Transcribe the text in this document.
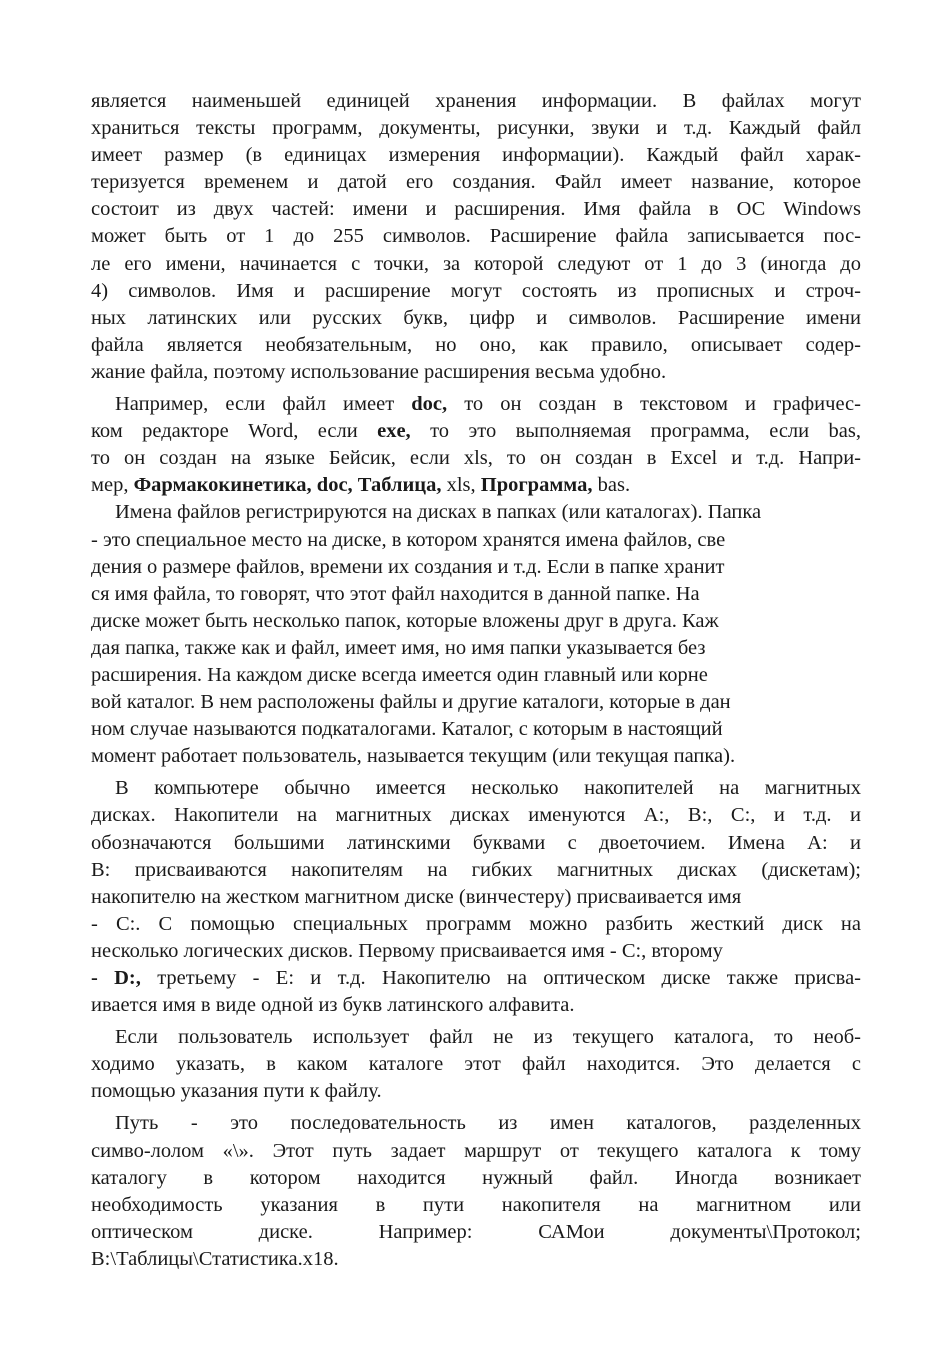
является наименьшей единицей хранения информации. В файлах могут
храниться тексты программ, документы, рисунки, звуки и т.д. Каждый файл
имеет размер (в единицах измерения информации). Каждый файл харак-
теризуется временем и датой его создания. Файл имеет название, которое
состоит из двух частей: имени и расширения. Имя файла в ОС Windows
может быть от 1 до 255 символов. Расширение файла записывается пос-
ле его имени, начинается с точки, за которой следуют от 1 до 3 (иногда до
4) символов. Имя и расширение могут состоять из прописных и строч-
ных латинских или русских букв, цифр и символов. Расширение имени
файла является необязательным, но оно, как правило, описывает содер-
жание файла, поэтому использование расширения весьма удобно.
Например, если файл имеет doc, то он создан в текстовом и графичес-
ком редакторе Word, если exe, то это выполняемая программа, если bas,
то он создан на языке Бейсик, если xls, то он создан в Excel и т.д. Напри-
мер, Фармакокинетика, doc, Таблица, xls, Программа, bas.
Имена файлов регистрируются на дисках в папках (или каталогах). Папка
- это специальное место на диске, в котором хранятся имена файлов, све
дения о размере файлов, времени их создания и т.д. Если в папке хранит
ся имя файла, то говорят, что этот файл находится в данной папке. На
диске может быть несколько папок, которые вложены друг в друга. Каж
дая папка, также как и файл, имеет имя, но имя папки указывается без
расширения. На каждом диске всегда имеется один главный или корне
вой каталог. В нем расположены файлы и другие каталоги, которые в дан
ном случае называются подкаталогами. Каталог, с которым в настоящий
момент работает пользователь, называется текущим (или текущая папка).
В компьютере обычно имеется несколько накопителей на магнитных
дисках. Накопители на магнитных дисках именуются А:, В:, С:, и т.д. и
обозначаются большими латинскими буквами с двоеточием. Имена А: и
В: присваиваются накопителям на гибких магнитных дисках (дискетам);
накопителю на жестком магнитном диске (винчестеру) присваивается имя
- С:. С помощью специальных программ можно разбить жесткий диск на
несколько логических дисков. Первому присваивается имя - С:, второму
- D:, третьему - Е: и т.д. Накопителю на оптическом диске также присва-
ивается имя в виде одной из букв латинского алфавита.
Если пользователь использует файл не из текущего каталога, то необ-
ходимо указать, в каком каталоге этот файл находится. Это делается с
помощью указания пути к файлу.
Путь - это последовательность из имен каталогов, разделенных
симво-лолом «\». Этот путь задает маршрут от текущего каталога к тому
каталогу в котором находится нужный файл. Иногда возникает
необходимость указания в пути накопителя на магнитном или
оптическом диске. Например: САМои документы\Протокол;
В:\Таблицы\Статистика.х18.
